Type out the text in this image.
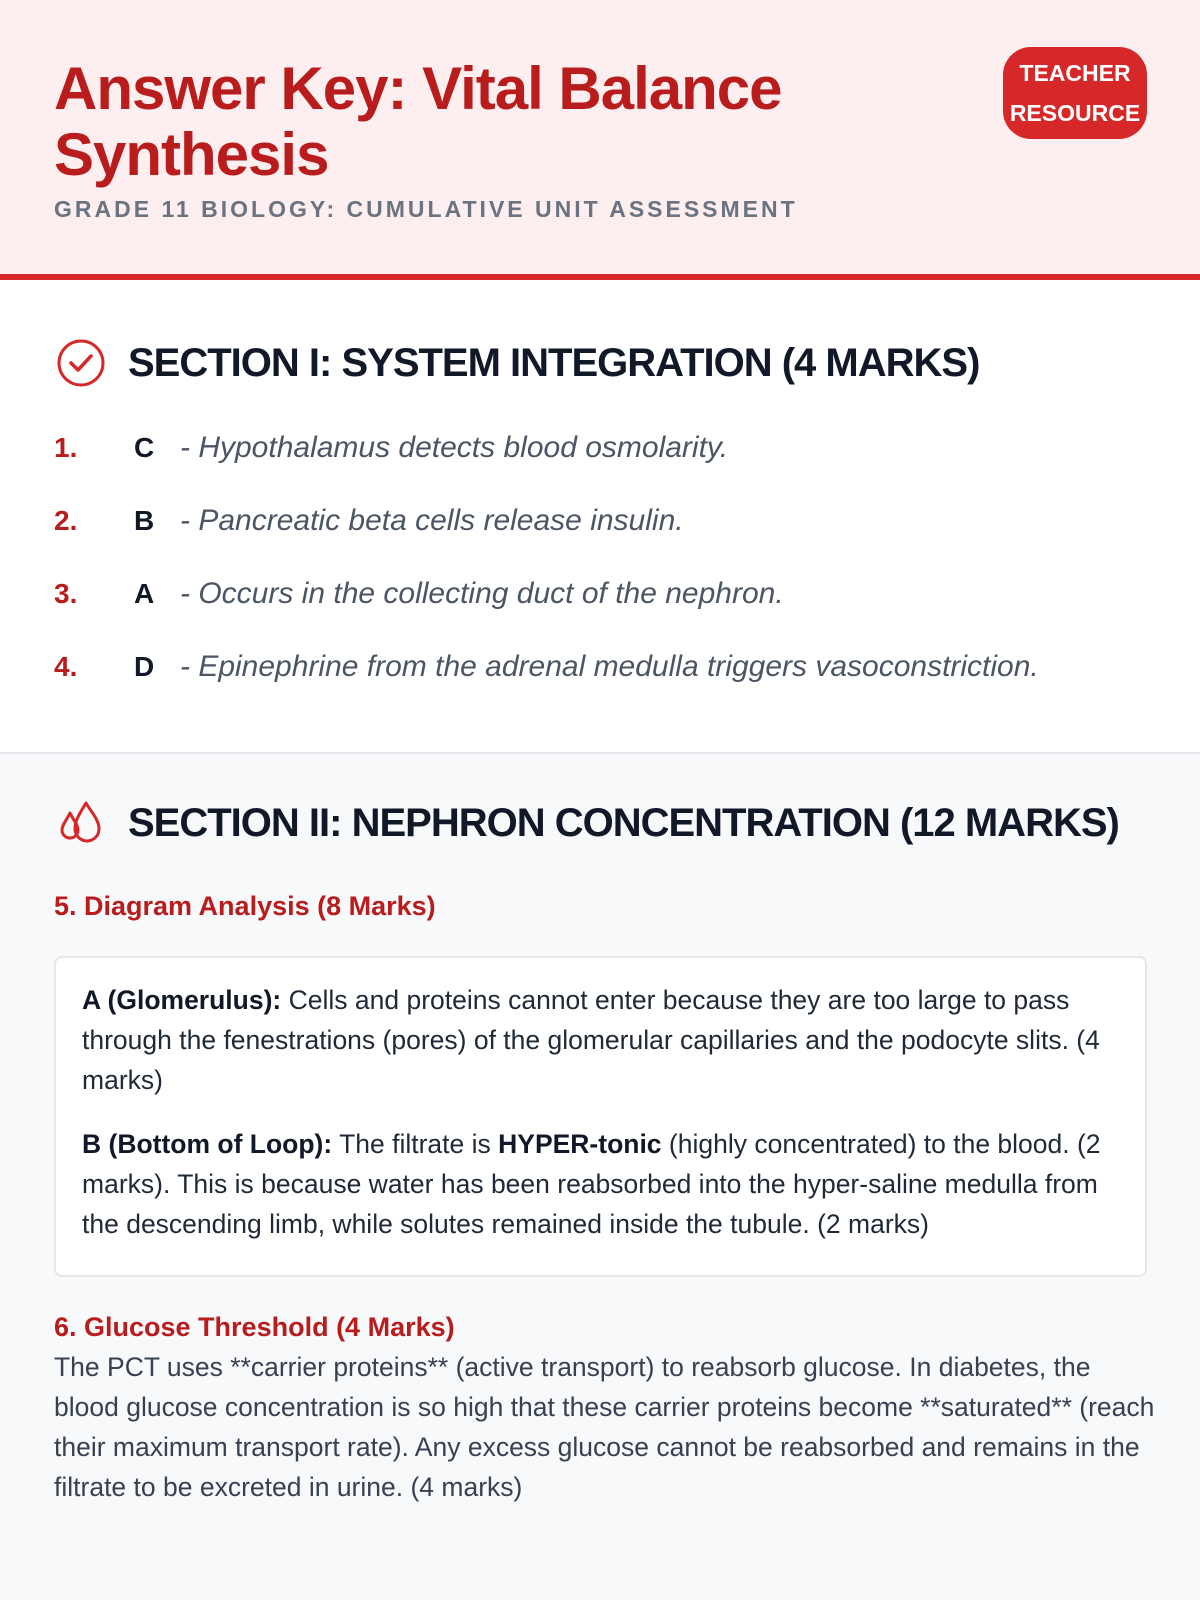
Answer Key: Vital Balance Synthesis
GRADE 11 BIOLOGY: CUMULATIVE UNIT ASSESSMENT
TEACHER
RESOURCE
SECTION I: SYSTEM INTEGRATION (4 MARKS)
1.	C - Hypothalamus detects blood osmolarity.
2.	B - Pancreatic beta cells release insulin.
3.	A - Occurs in the collecting duct of the nephron.
4.	D - Epinephrine from the adrenal medulla triggers vasoconstriction.
SECTION II: NEPHRON CONCENTRATION (12 MARKS)
5. Diagram Analysis (8 Marks)

A (Glomerulus): Cells and proteins cannot enter because they are too large to pass through the fenestrations (pores) of the glomerular capillaries and the podocyte slits. (4 marks)

B (Bottom of Loop): The filtrate is HYPER-tonic (highly concentrated) to the blood. (2 marks). This is because water has been reabsorbed into the hyper-saline medulla from the descending limb, while solutes remained inside the tubule. (2 marks)

6. Glucose Threshold (4 Marks)

The PCT uses **carrier proteins** (active transport) to reabsorb glucose. In diabetes, the blood glucose concentration is so high that these carrier proteins become **saturated** (reach their maximum transport rate). Any excess glucose cannot be reabsorbed and remains in the filtrate to be excreted in urine. (4 marks)
